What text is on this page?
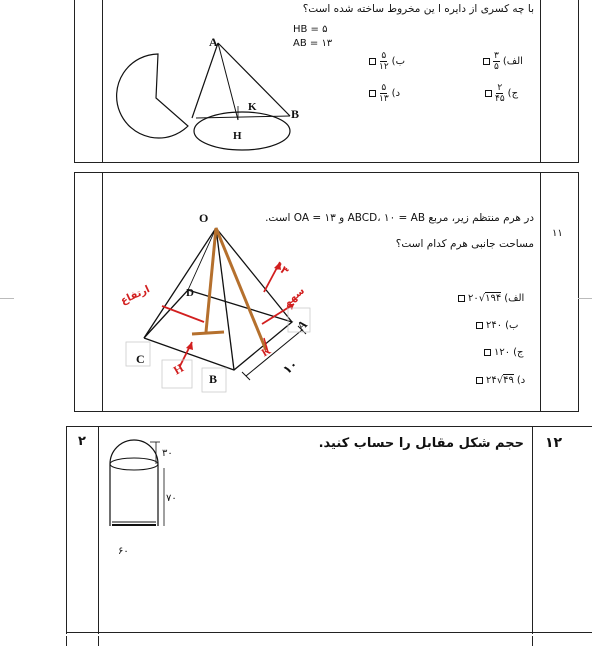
با چه کسری از دایره ا ین مخروط ساخته شده است؟
HB = ۵
AB = ۱۳
A
K	B
H
الف)
$\frac{۳}{۵}$
ب)
$\frac{۵}{۱۲}$
ج)
$\frac{۲}{۴۵}$
د)
$\frac{۵}{۱۳}$
۱۱
در هرم منتظم زیر، مربع ABCD، ۱۰ = AB و ۱۳ = OA است.
مساحت جانبی هرم کدام است؟
O
D
C
B
A
H
K
ارتفاع	سهم
۱۳
۱۰
الف)
۲۰ √ ۱۹۴
ب)
۲۴۰
ج)
۱۲۰
د)
۲۴ √ ۴۹
۱۲
حجم شکل مقابل را حساب کنید.
۲
۳۰
۷۰
۶۰
